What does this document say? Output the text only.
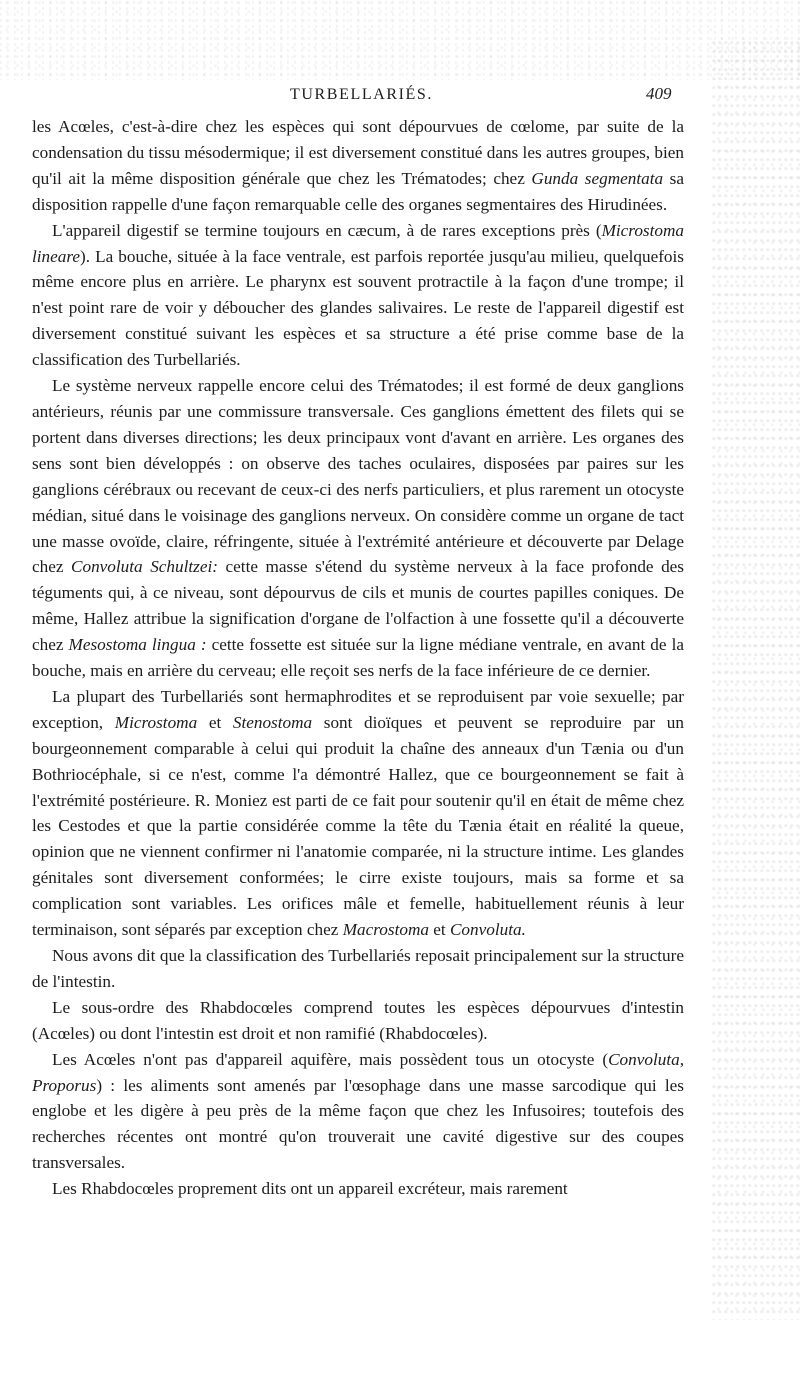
TURBELLARIÉS.	409

les Acœles, c'est-à-dire chez les espèces qui sont dépourvues de cœlome, par suite de la condensation du tissu mésodermique; il est diversement constitué dans les autres groupes, bien qu'il ait la même disposition générale que chez les Trématodes; chez Gunda segmentata sa disposition rappelle d'une façon remarquable celle des organes segmentaires des Hirudinées.

L'appareil digestif se termine toujours en cæcum, à de rares exceptions près (Microstoma lineare). La bouche, située à la face ventrale, est parfois reportée jusqu'au milieu, quelquefois même encore plus en arrière. Le pharynx est souvent protractile à la façon d'une trompe; il n'est point rare de voir y déboucher des glandes salivaires. Le reste de l'appareil digestif est diversement constitué suivant les espèces et sa structure a été prise comme base de la classification des Turbellariés.

Le système nerveux rappelle encore celui des Trématodes; il est formé de deux ganglions antérieurs, réunis par une commissure transversale. Ces ganglions émettent des filets qui se portent dans diverses directions; les deux principaux vont d'avant en arrière. Les organes des sens sont bien développés : on observe des taches oculaires, disposées par paires sur les ganglions cérébraux ou recevant de ceux-ci des nerfs particuliers, et plus rarement un otocyste médian, situé dans le voisinage des ganglions nerveux. On considère comme un organe de tact une masse ovoïde, claire, réfringente, située à l'extrémité antérieure et découverte par Delage chez Convoluta Schultzei: cette masse s'étend du système nerveux à la face profonde des téguments qui, à ce niveau, sont dépourvus de cils et munis de courtes papilles coniques. De même, Hallez attribue la signification d'organe de l'olfaction à une fossette qu'il a découverte chez Mesostoma lingua : cette fossette est située sur la ligne médiane ventrale, en avant de la bouche, mais en arrière du cerveau; elle reçoit ses nerfs de la face inférieure de ce dernier.

La plupart des Turbellariés sont hermaphrodites et se reproduisent par voie sexuelle; par exception, Microstoma et Stenostoma sont dioïques et peuvent se reproduire par un bourgeonnement comparable à celui qui produit la chaîne des anneaux d'un Tænia ou d'un Bothriocéphale, si ce n'est, comme l'a démontré Hallez, que ce bourgeonnement se fait à l'extrémité postérieure. R. Moniez est parti de ce fait pour soutenir qu'il en était de même chez les Cestodes et que la partie considérée comme la tête du Tænia était en réalité la queue, opinion que ne viennent confirmer ni l'anatomie comparée, ni la structure intime. Les glandes génitales sont diversement conformées; le cirre existe toujours, mais sa forme et sa complication sont variables. Les orifices mâle et femelle, habituellement réunis à leur terminaison, sont séparés par exception chez Macrostoma et Convoluta.

Nous avons dit que la classification des Turbellariés reposait principalement sur la structure de l'intestin.

Le sous-ordre des Rhabdocœles comprend toutes les espèces dépourvues d'intestin (Acœles) ou dont l'intestin est droit et non ramifié (Rhabdocœles).

Les Acœles n'ont pas d'appareil aquifère, mais possèdent tous un otocyste (Convoluta, Proporus) : les aliments sont amenés par l'œsophage dans une masse sarcodique qui les englobe et les digère à peu près de la même façon que chez les Infusoires; toutefois des recherches récentes ont montré qu'on trouverait une cavité digestive sur des coupes transversales.

Les Rhabdocœles proprement dits ont un appareil excréteur, mais rarement
